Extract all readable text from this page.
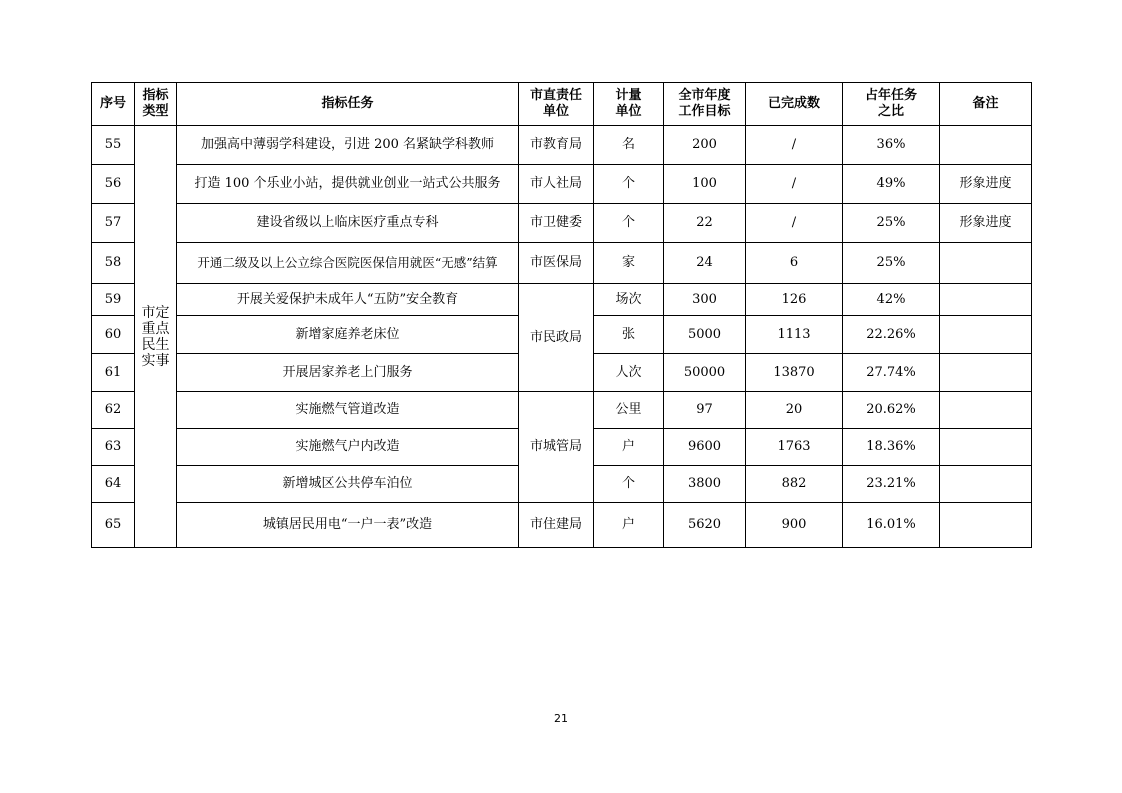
序号	指标类型	指标任务	市直责任单位	计量单位	全市年度工作目标	已完成数	占年任务之比	备注
55	市定重点民生实事	加强高中薄弱学科建设，引进 200 名紧缺学科教师	市教育局	名	200	/	36%	
56		打造 100 个乐业小站，提供就业创业一站式公共服务	市人社局	个	100	/	49%	形象进度
57		建设省级以上临床医疗重点专科	市卫健委	个	22	/	25%	形象进度
58		开通二级及以上公立综合医院医保信用就医“无感”结算	市医保局	家	24	6	25%	
59		开展关爱保护未成年人“五防”安全教育	市民政局	场次	300	126	42%	
60		新增家庭养老床位		张	5000	1113	22.26%	
61		开展居家养老上门服务		人次	50000	13870	27.74%	
62		实施燃气管道改造	市城管局	公里	97	20	20.62%	
63		实施燃气户内改造		户	9600	1763	18.36%	
64		新增城区公共停车泊位		个	3800	882	23.21%	
65		城镇居民用电“一户一表”改造	市住建局	户	5620	900	16.01%	
21
